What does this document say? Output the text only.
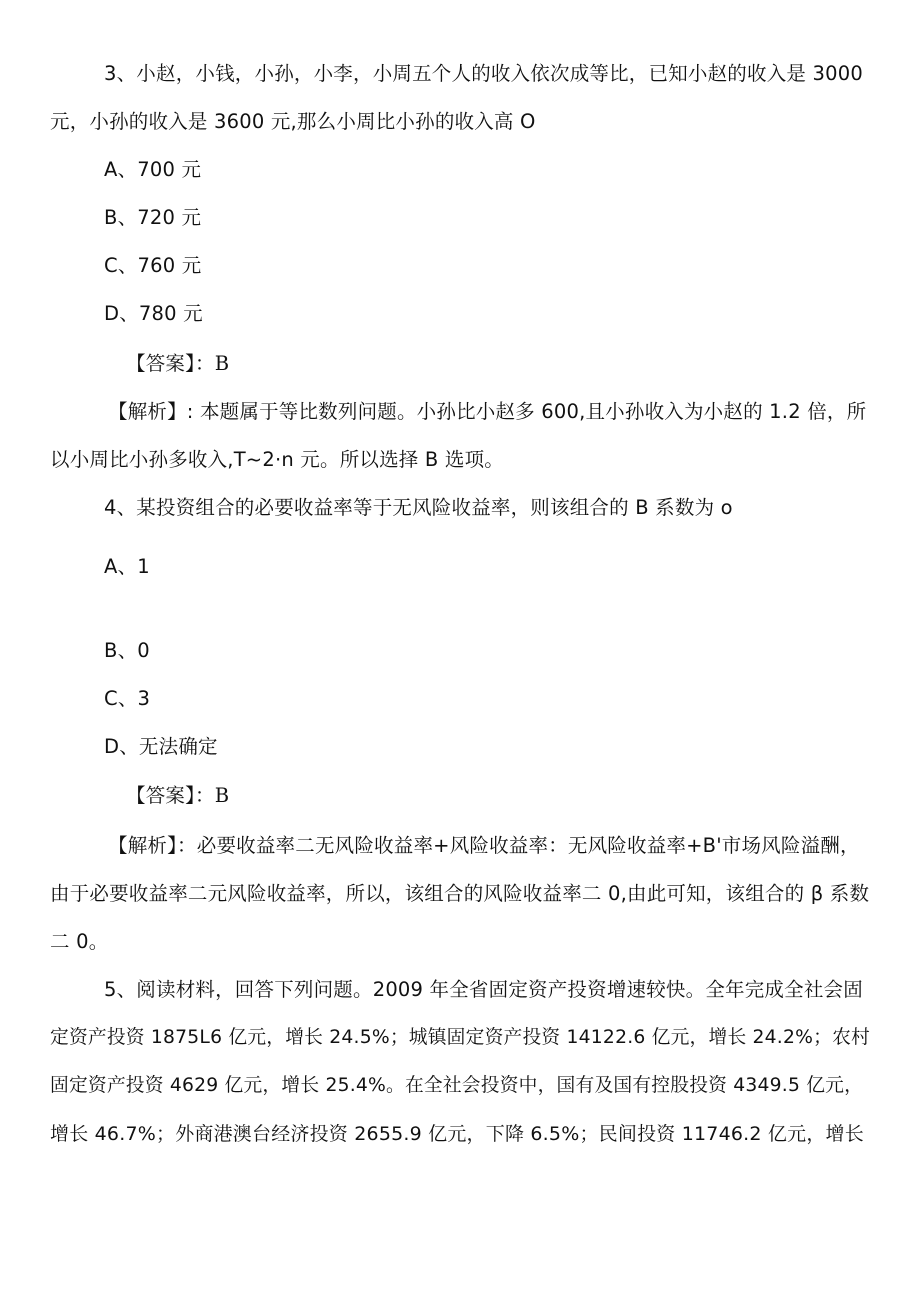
3、小赵，小钱，小孙，小李，小周五个人的收入依次成等比，已知小赵的收入是 3000
元，小孙的收入是 3600 元,那么小周比小孙的收入高 O
A、700 元
B、720 元
C、760 元
D、780 元
【答案】：B
【解析】: 本题属于等比数列问题。小孙比小赵多 600,且小孙收入为小赵的 1.2 倍，所
以小周比小孙多收入,T~2·n 元。所以选择 B 选项。
4、某投资组合的必要收益率等于无风险收益率，则该组合的 B 系数为 o
A、1
B、0
C、3
D、无法确定
【答案】：B
【解析】：必要收益率二无风险收益率+风险收益率：无风险收益率+B'市场风险溢酬，
由于必要收益率二元风险收益率，所以，该组合的风险收益率二 0,由此可知，该组合的 β 系数
二 0。
5、阅读材料，回答下列问题。2009 年全省固定资产投资增速较快。全年完成全社会固
定资产投资 1875L6 亿元，增长 24.5%；城镇固定资产投资 14122.6 亿元，增长 24.2%；农村
固定资产投资 4629 亿元，增长 25.4%。在全社会投资中，国有及国有控股投资 4349.5 亿元，
增长 46.7%；外商港澳台经济投资 2655.9 亿元，下降 6.5%；民间投资 11746.2 亿元，增长
